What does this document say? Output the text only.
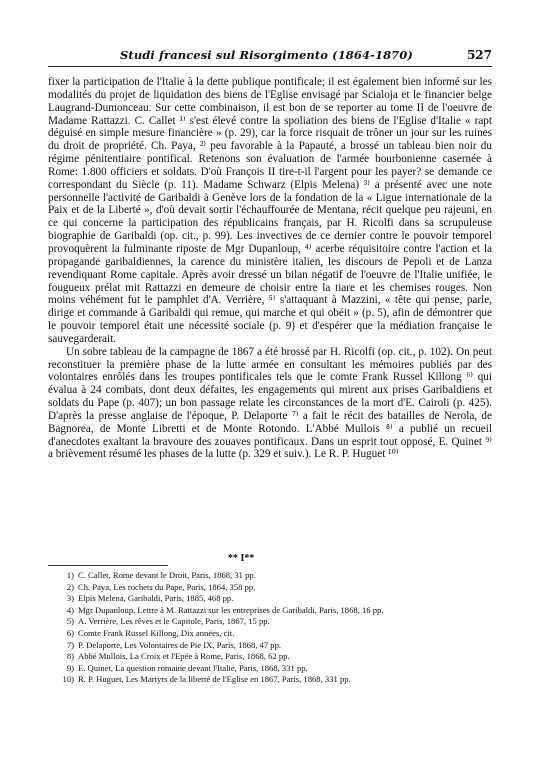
Studi francesi sul Risorgimento (1864-1870)	527

fixer la participation de l'Italie à la dette publique pontificale; il est également bien informé sur les modalités du projet de liquidation des biens de l'Eglise envisagé par Scialoja et le financier belge Laugrand-Dumonceau. Sur cette combinaison, il est bon de se reporter au tome II de l'oeuvre de Madame Rattazzi. C. Callet ¹⁾ s'est élevé contre la spoliation des biens de l'Eglise d'Italie « rapt déguisé en simple mesure financière » (p. 29), car la force risquait de trôner un jour sur les ruines du droit de propriété. Ch. Paya, ²⁾ peu favorable à la Papauté, a brossé un tableau bien noir du régime pénitentiaire pontifical. Retenons son évaluation de l'armée bourbonienne casernée à Rome: 1.800 officiers et soldats. D'où François II tire-t-il l'argent pour les payer? se demande ce correspondant du Siècle (p. 11). Madame Schwarz (Elpis Melena) ³⁾ a présenté avec une note personnelle l'activité de Garibaldi à Genève lors de la fondation de la « Ligue internationale de la Paix et de la Liberté », d'où devait sortir l'échauffourée de Mentana, récit quelque peu rajeuni, en ce qui concerne la participation des républicains français, par H. Ricolfi dans sa scrupuleuse biographie de Garibaldi (op. cit., p. 99). Les invectives de ce dernier contre le pouvoir temporel provoquèrent la fulminante riposte de Mgr Dupanloup, ⁴⁾ acerbe réquisitoire contre l'action et la propagande garibaldiennes, la carence du ministère italien, les discours de Pepoli et de Lanza revendiquant Rome capitale. Après avoir dressé un bilan négatif de l'oeuvre de l'Italie unifiée, le fougueux prélat mit Rattazzi en demeure de choisir entre la tiare et les chemises rouges. Non moins véhément fut le pamphlet d'A. Verrière, ⁵⁾ s'attaquant à Mazzini, « tête qui pense, parle, dirige et commande à Garibaldi qui remue, qui marche et qui obéit » (p. 5), afin de démontrer que le pouvoir temporel était une nécessité sociale (p. 9) et d'espérer que la médiation française le sauvegarderait.

Un sobre tableau de la campagne de 1867 a été brossé par H. Ricolfi (op. cit., p. 102). On peut reconstituer la première phase de la lutte armée en consultant les mémoires publiés par des volontaires enrôlés dans les troupes pontificales tels que le comte Frank Russel Killong ⁶⁾ qui évalua à 24 combats, dont deux défaites, les engagements qui mirent aux prises Garibaldiens et soldats du Pape (p. 407); un bon passage relate les circonstances de la mort d'E. Cairoli (p. 425). D'après la presse anglaise de l'époque, P. Delaporte ⁷⁾ a fait le récit des batailles de Nerola, de Bagnorea, de Monte Libretti et de Monte Rotondo. L'Abbé Mullois ⁸⁾ a publié un recueil d'anecdotes exaltant la bravoure des zouaves pontificaux. Dans un esprit tout opposé, E. Quinet ⁹⁾ a brièvement résumé les phases de la lutte (p. 329 et suiv.). Le R. P. Huguet ¹⁰⁾

** I**
1) C. Callet, Rome devant le Droit, Paris, 1868, 31 pp.
2) Ch. Paya, Les rochets du Pape, Paris, 1864, 358 pp.
3) Elpis Melena, Garibaldi, Paris, 1885, 468 pp.
4) Mgr Dupanloup, Lettre à M. Rattazzi sur les entreprises de Garibaldi, Paris, 1868, 16 pp.
5) A. Verrière, Les rêves et le Capitole, Paris, 1867, 15 pp.
6) Comte Frank Russel Killong, Dix années, cit.
7) P. Delaporte, Les Volontaires de Pie IX, Paris, 1868, 47 pp.
8) Abbé Mullois, La Croix et l'Epée à Rome, Paris, 1868, 62 pp.
9) E. Quinet, La question romaine devant l'Italie, Paris, 1868, 331 pp.
10) R. P. Huguet, Les Martyrs de la liberté de l'Eglise en 1867, Paris, 1868, 331 pp.
